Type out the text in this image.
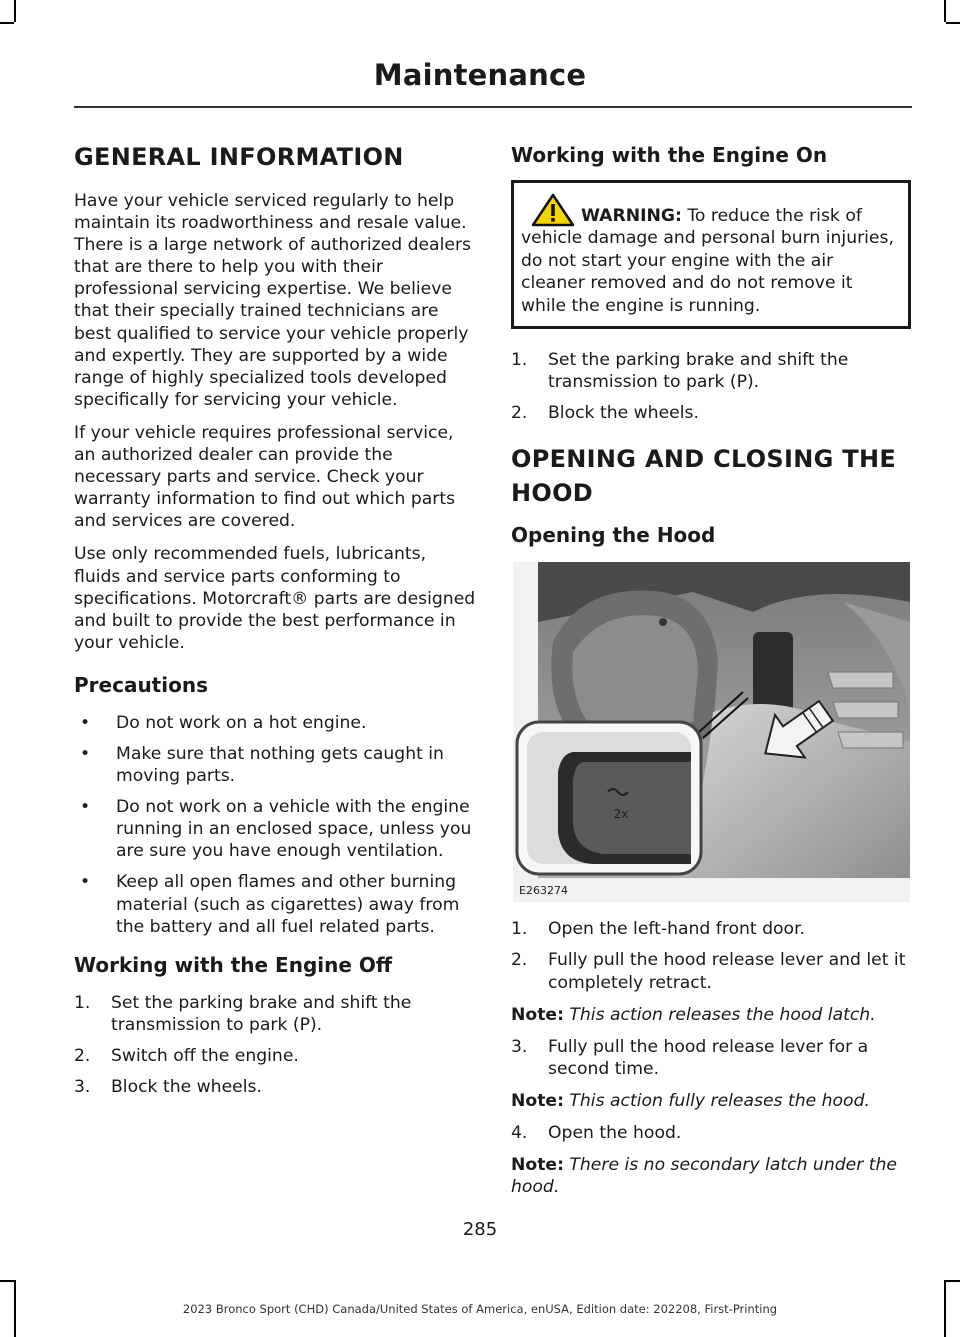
Maintenance
GENERAL INFORMATION

Have your vehicle serviced regularly to help maintain its roadworthiness and resale value. There is a large network of authorized dealers that are there to help you with their professional servicing expertise. We believe that their specially trained technicians are best qualified to service your vehicle properly and expertly. They are supported by a wide range of highly specialized tools developed specifically for servicing your vehicle.

If your vehicle requires professional service, an authorized dealer can provide the necessary parts and service. Check your warranty information to find out which parts and services are covered.

Use only recommended fuels, lubricants, fluids and service parts conforming to specifications. Motorcraft® parts are designed and built to provide the best performance in your vehicle.

Precautions
• Do not work on a hot engine.
• Make sure that nothing gets caught in moving parts.
• Do not work on a vehicle with the engine running in an enclosed space, unless you are sure you have enough ventilation.
• Keep all open flames and other burning material (such as cigarettes) away from the battery and all fuel related parts.
Working with the Engine Off
1. Set the parking brake and shift the transmission to park (P).
2. Switch off the engine.
3. Block the wheels.
Working with the Engine On
WARNING: To reduce the risk of vehicle damage and personal burn injuries, do not start your engine with the air cleaner removed and do not remove it while the engine is running.
1. Set the parking brake and shift the transmission to park (P).
2. Block the wheels.
OPENING AND CLOSING THE
HOOD
Opening the Hood
2x
E263274
1. Open the left-hand front door.
2. Fully pull the hood release lever and let it completely retract.
Note: This action releases the hood latch.
3. Fully pull the hood release lever for a second time.
Note: This action fully releases the hood.
4. Open the hood.
Note: There is no secondary latch under the hood.
285
2023 Bronco Sport (CHD) Canada/United States of America, enUSA, Edition date: 202208, First-Printing
